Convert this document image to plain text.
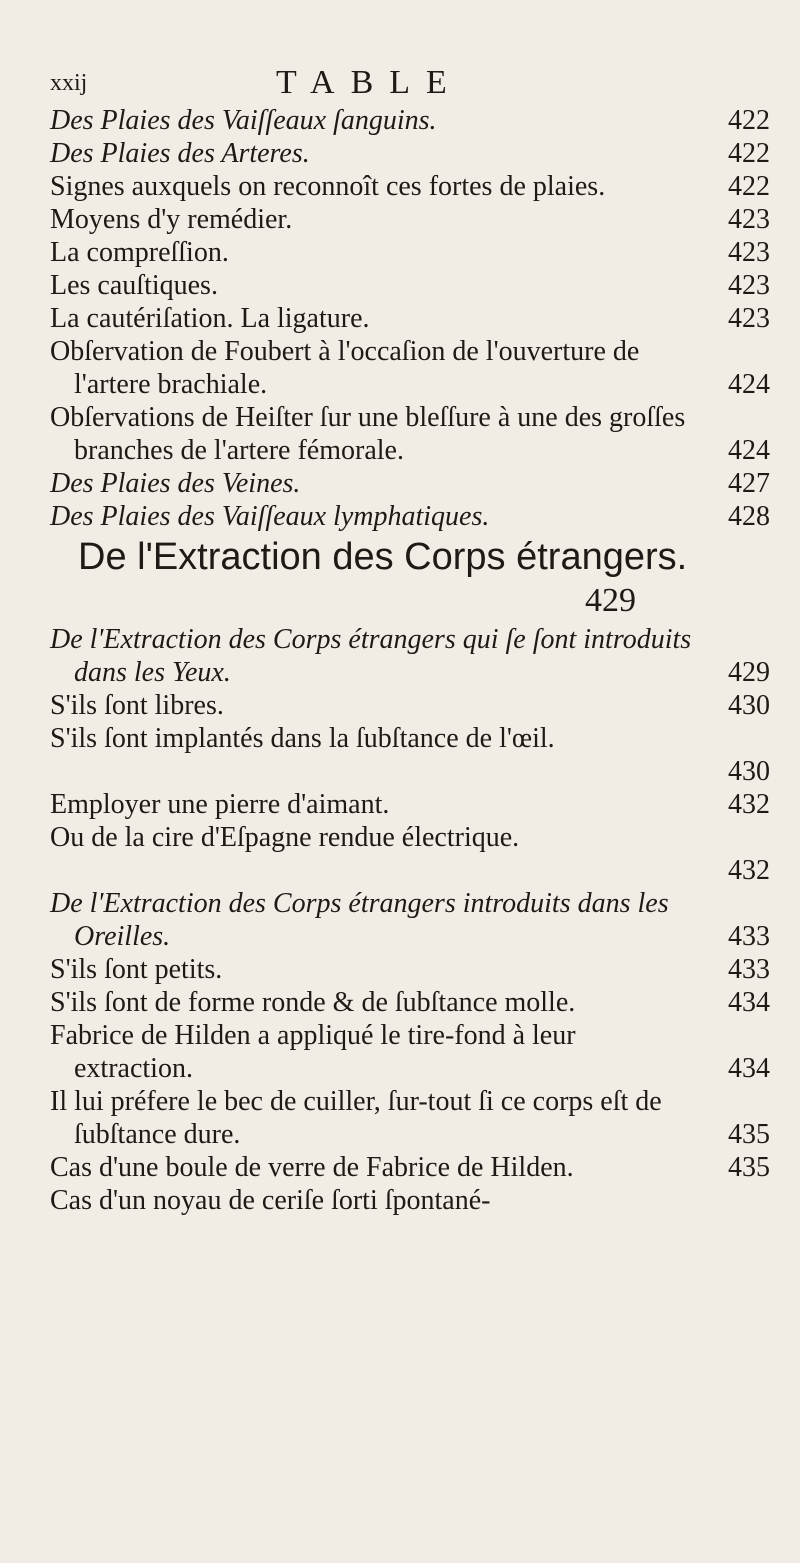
xxij	TABLE
Des Plaies des Vaiſſeaux ſanguins.	422
Des Plaies des Arteres.	422
Signes auxquels on reconnoît ces fortes de plaies.	422
Moyens d'y remédier.	423
La compreſſion.	423
Les cauſtiques.	423
La cautériſation. La ligature.	423
Obſervation de Foubert à l'occaſion de l'ouverture de l'artere brachiale.	424
Obſervations de Heiſter ſur une bleſſure à une des groſſes branches de l'artere fémorale.	424
Des Plaies des Veines.	427
Des Plaies des Vaiſſeaux lymphatiques.	428
De l'Extraction des Corps étrangers.
429
De l'Extraction des Corps étrangers qui ſe ſont introduits dans les Yeux.	429
S'ils ſont libres.	430
S'ils ſont implantés dans la ſubſtance de l'œil.
430
Employer une pierre d'aimant.	432
Ou de la cire d'Eſpagne rendue électrique.
432
De l'Extraction des Corps étrangers introduits dans les Oreilles.	433
S'ils ſont petits.	433
S'ils ſont de forme ronde & de ſubſtance molle.	434
Fabrice de Hilden a appliqué le tire-fond à leur extraction.	434
Il lui préfere le bec de cuiller, ſur-tout ſi ce corps eſt de ſubſtance dure.	435
Cas d'une boule de verre de Fabrice de Hilden.	435
Cas d'un noyau de ceriſe ſorti ſpontané-
